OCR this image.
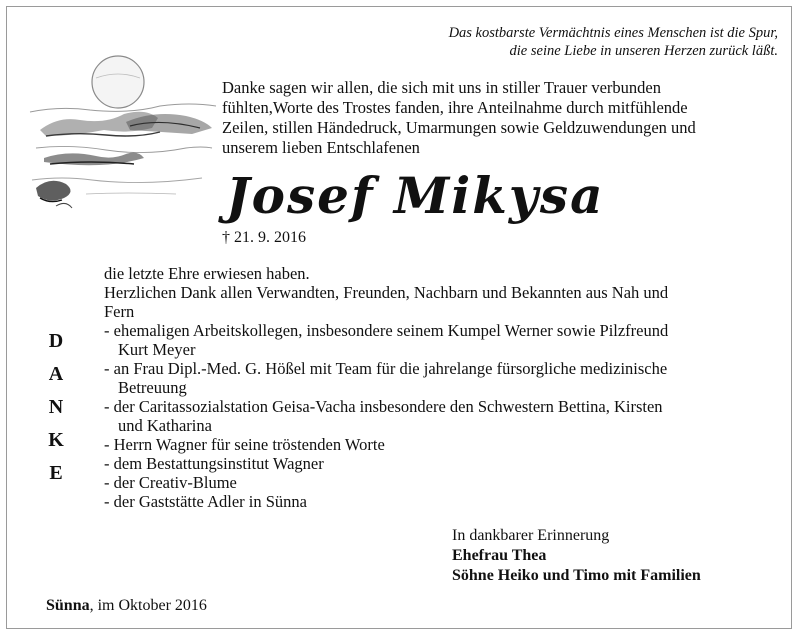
Das kostbarste Vermächtnis eines Menschen ist die Spur,
die seine Liebe in unseren Herzen zurück läßt.
Danke sagen wir allen, die sich mit uns in stiller Trauer verbunden
fühlten,Worte des Trostes fanden, ihre Anteilnahme durch mitfühlende
Zeilen, stillen Händedruck, Umarmungen sowie Geldzuwendungen und
unserem lieben Entschlafenen
Josef Mikysa
† 21. 9. 2016
D
A
N
K
E

die letzte Ehre erwiesen haben.

Herzlichen Dank allen Verwandten, Freunden, Nachbarn und Bekannten aus Nah und

Fern

- ehemaligen Arbeitskollegen, insbesondere seinem Kumpel Werner sowie Pilzfreund

Kurt Meyer

- an Frau Dipl.-Med. G. Hößel mit Team für die jahrelange fürsorgliche medizinische

Betreuung

- der Caritassozialstation Geisa-Vacha insbesondere den Schwestern Bettina, Kirsten

und Katharina

- Herrn Wagner für seine tröstenden Worte

- dem Bestattungsinstitut Wagner

- der Creativ-Blume

- der Gaststätte Adler in Sünna

In dankbarer Erinnerung
Ehefrau Thea
Söhne Heiko und Timo mit Familien
Sünna, im Oktober 2016
